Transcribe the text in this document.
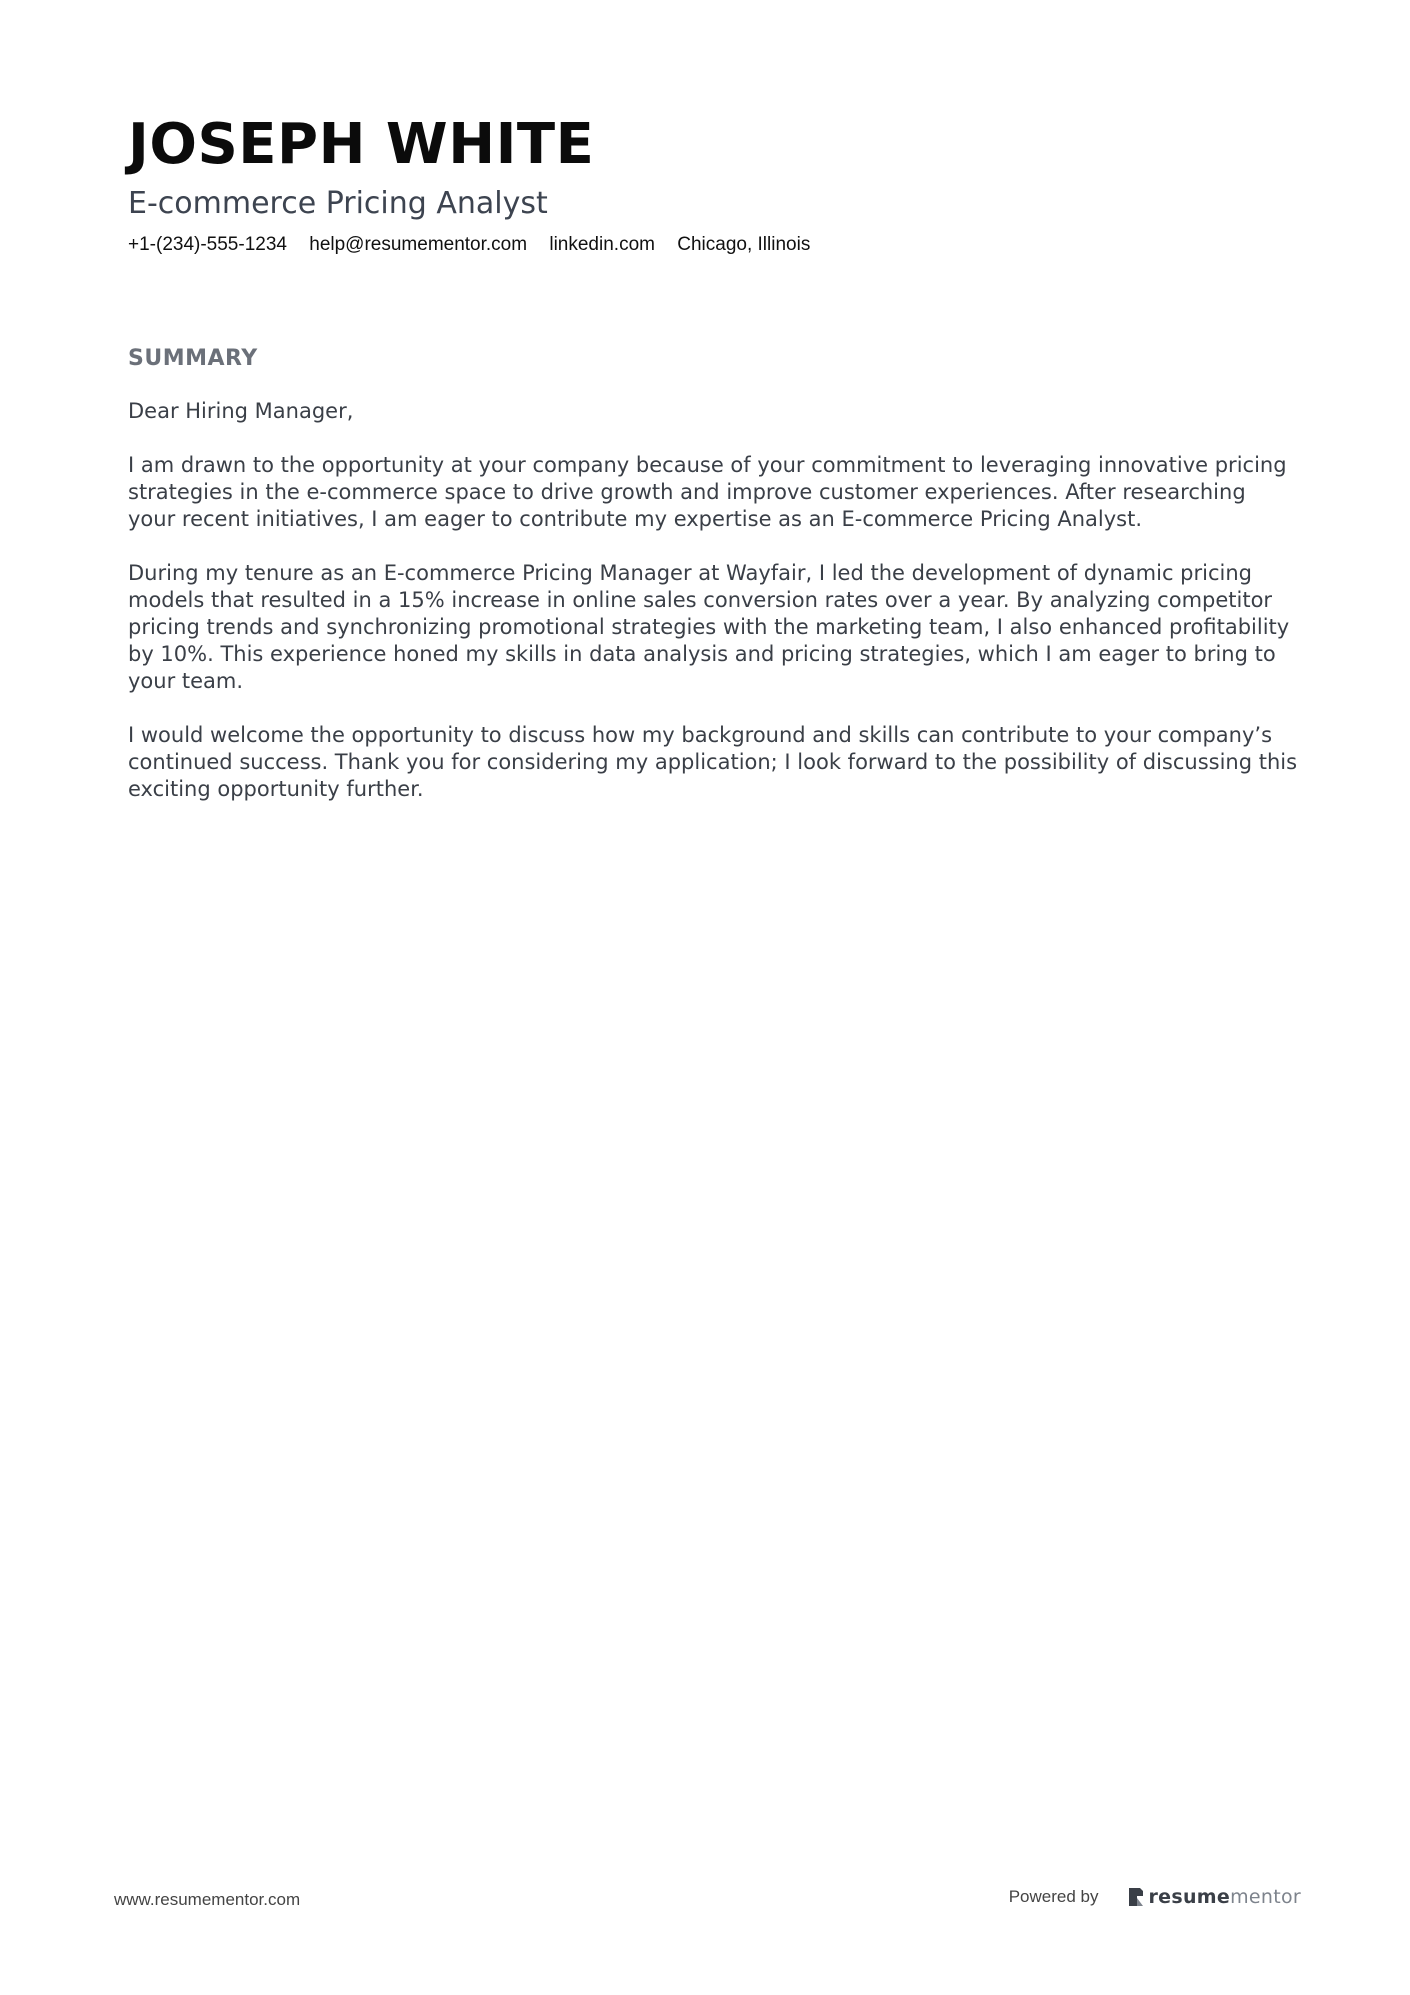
JOSEPH WHITE
E-commerce Pricing Analyst
+1-(234)-555-1234 help@resumementor.com linkedin.com Chicago, Illinois
SUMMARY

Dear Hiring Manager,

I am drawn to the opportunity at your company because of your commitment to leveraging innovative pricing strategies in the e-commerce space to drive growth and improve customer experiences. After researching your recent initiatives, I am eager to contribute my expertise as an E-commerce Pricing Analyst.

During my tenure as an E-commerce Pricing Manager at Wayfair, I led the development of dynamic pricing models that resulted in a 15% increase in online sales conversion rates over a year. By analyzing competitor pricing trends and synchronizing promotional strategies with the marketing team, I also enhanced profitability by 10%. This experience honed my skills in data analysis and pricing strategies, which I am eager to bring to your team.

I would welcome the opportunity to discuss how my background and skills can contribute to your company’s continued success. Thank you for considering my application; I look forward to the possibility of discussing this exciting opportunity further.

www.resumementor.com	Powered by	resumementor
